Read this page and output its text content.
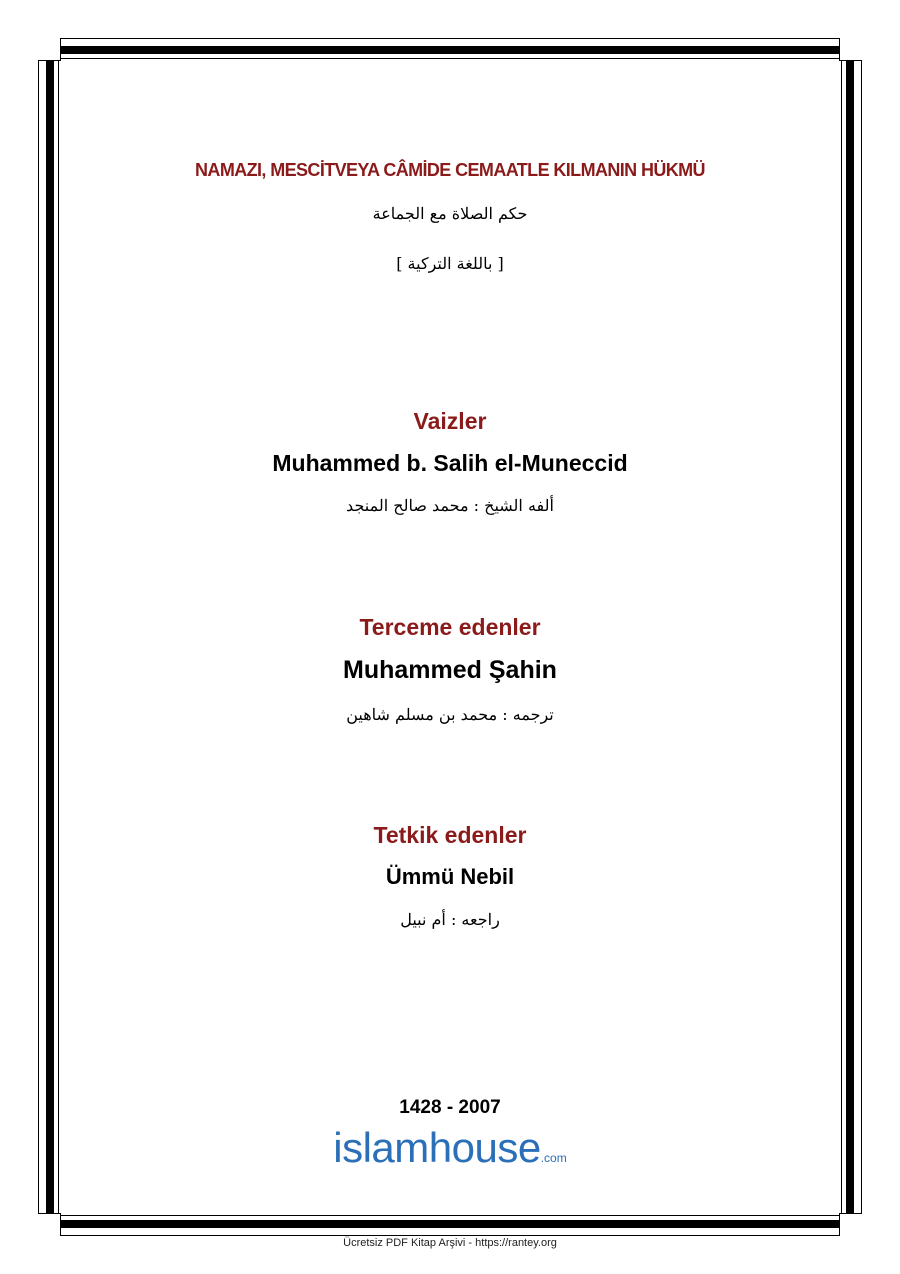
NAMAZI, MESCİTVEYA CÂMİDE CEMAATLE KILMANIN HÜKMÜ
حكم الصلاة مع الجماعة
[ باللغة التركية ]
Vaizler
Muhammed b. Salih el-Muneccid
ألفه الشيخ : محمد صالح المنجد
Terceme edenler
Muhammed Şahin
ترجمه : محمد بن مسلم شاهين
Tetkik edenler
Ümmü Nebil
راجعه : أم نبيل
1428 - 2007
islamhouse.com
Ücretsiz PDF Kitap Arşivi - https://rantey.org
